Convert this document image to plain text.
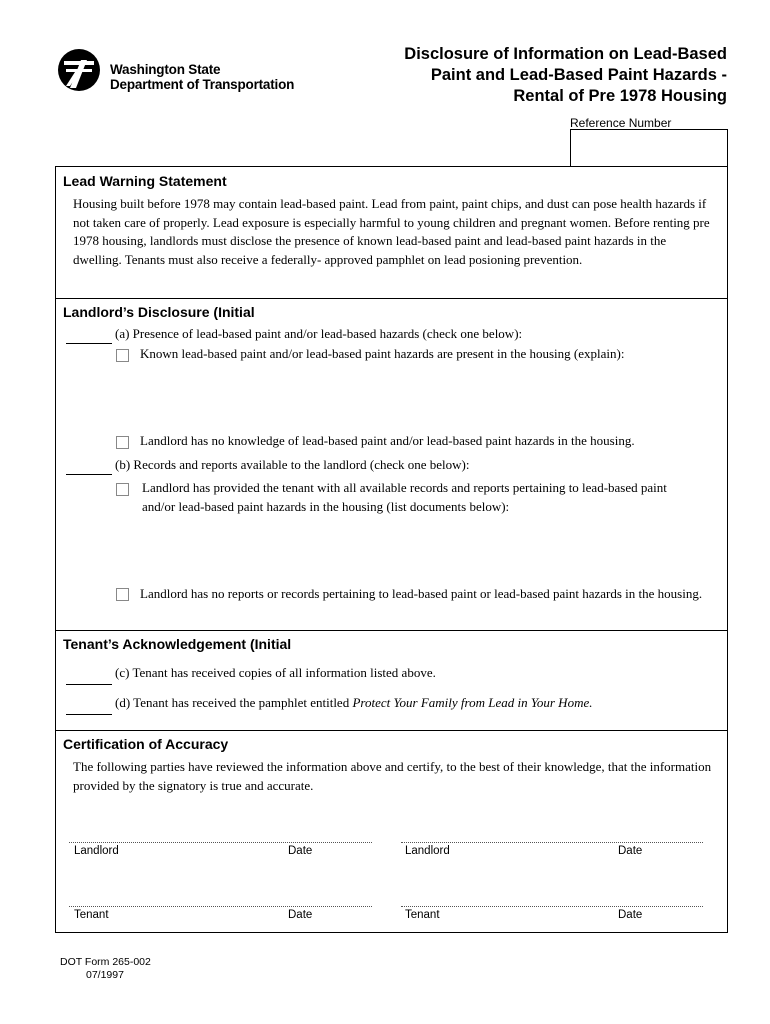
Washington State
Department of Transportation
Disclosure of Information on Lead-Based
Paint and Lead-Based Paint Hazards -
Rental of Pre 1978 Housing
Reference Number
Lead Warning Statement
Housing built before 1978 may contain lead-based paint. Lead from paint, paint chips, and dust can pose health hazards if not taken care of properly. Lead exposure is especially harmful to young children and pregnant women. Before renting pre 1978 housing, landlords must disclose the presence of known lead-based paint and lead-based paint hazards in the dwelling. Tenants must also receive a federally- approved pamphlet on lead posioning prevention.
Landlord’s Disclosure (Initial
(a) Presence of lead-based paint and/or lead-based hazards (check one below):
Known lead-based paint and/or lead-based paint hazards are present in the housing (explain):
Landlord has no knowledge of lead-based paint and/or lead-based paint hazards in the housing.
(b) Records and reports available to the landlord (check one below):
Landlord has provided the tenant with all available records and reports pertaining to lead-based paint and/or lead-based paint hazards in the housing (list documents below):
Landlord has no reports or records pertaining to lead-based paint or lead-based paint hazards in the housing.
Tenant’s Acknowledgement (Initial
(c) Tenant has received copies of all information listed above.
(d) Tenant has received the pamphlet entitled Protect Your Family from Lead in Your Home.
Certification of Accuracy
The following parties have reviewed the information above and certify, to the best of their knowledge, that the information provided by the signatory is true and accurate.
Landlord	Date	Landlord	Date
Tenant	Date	Tenant	Date
DOT Form 265-002
07/1997
